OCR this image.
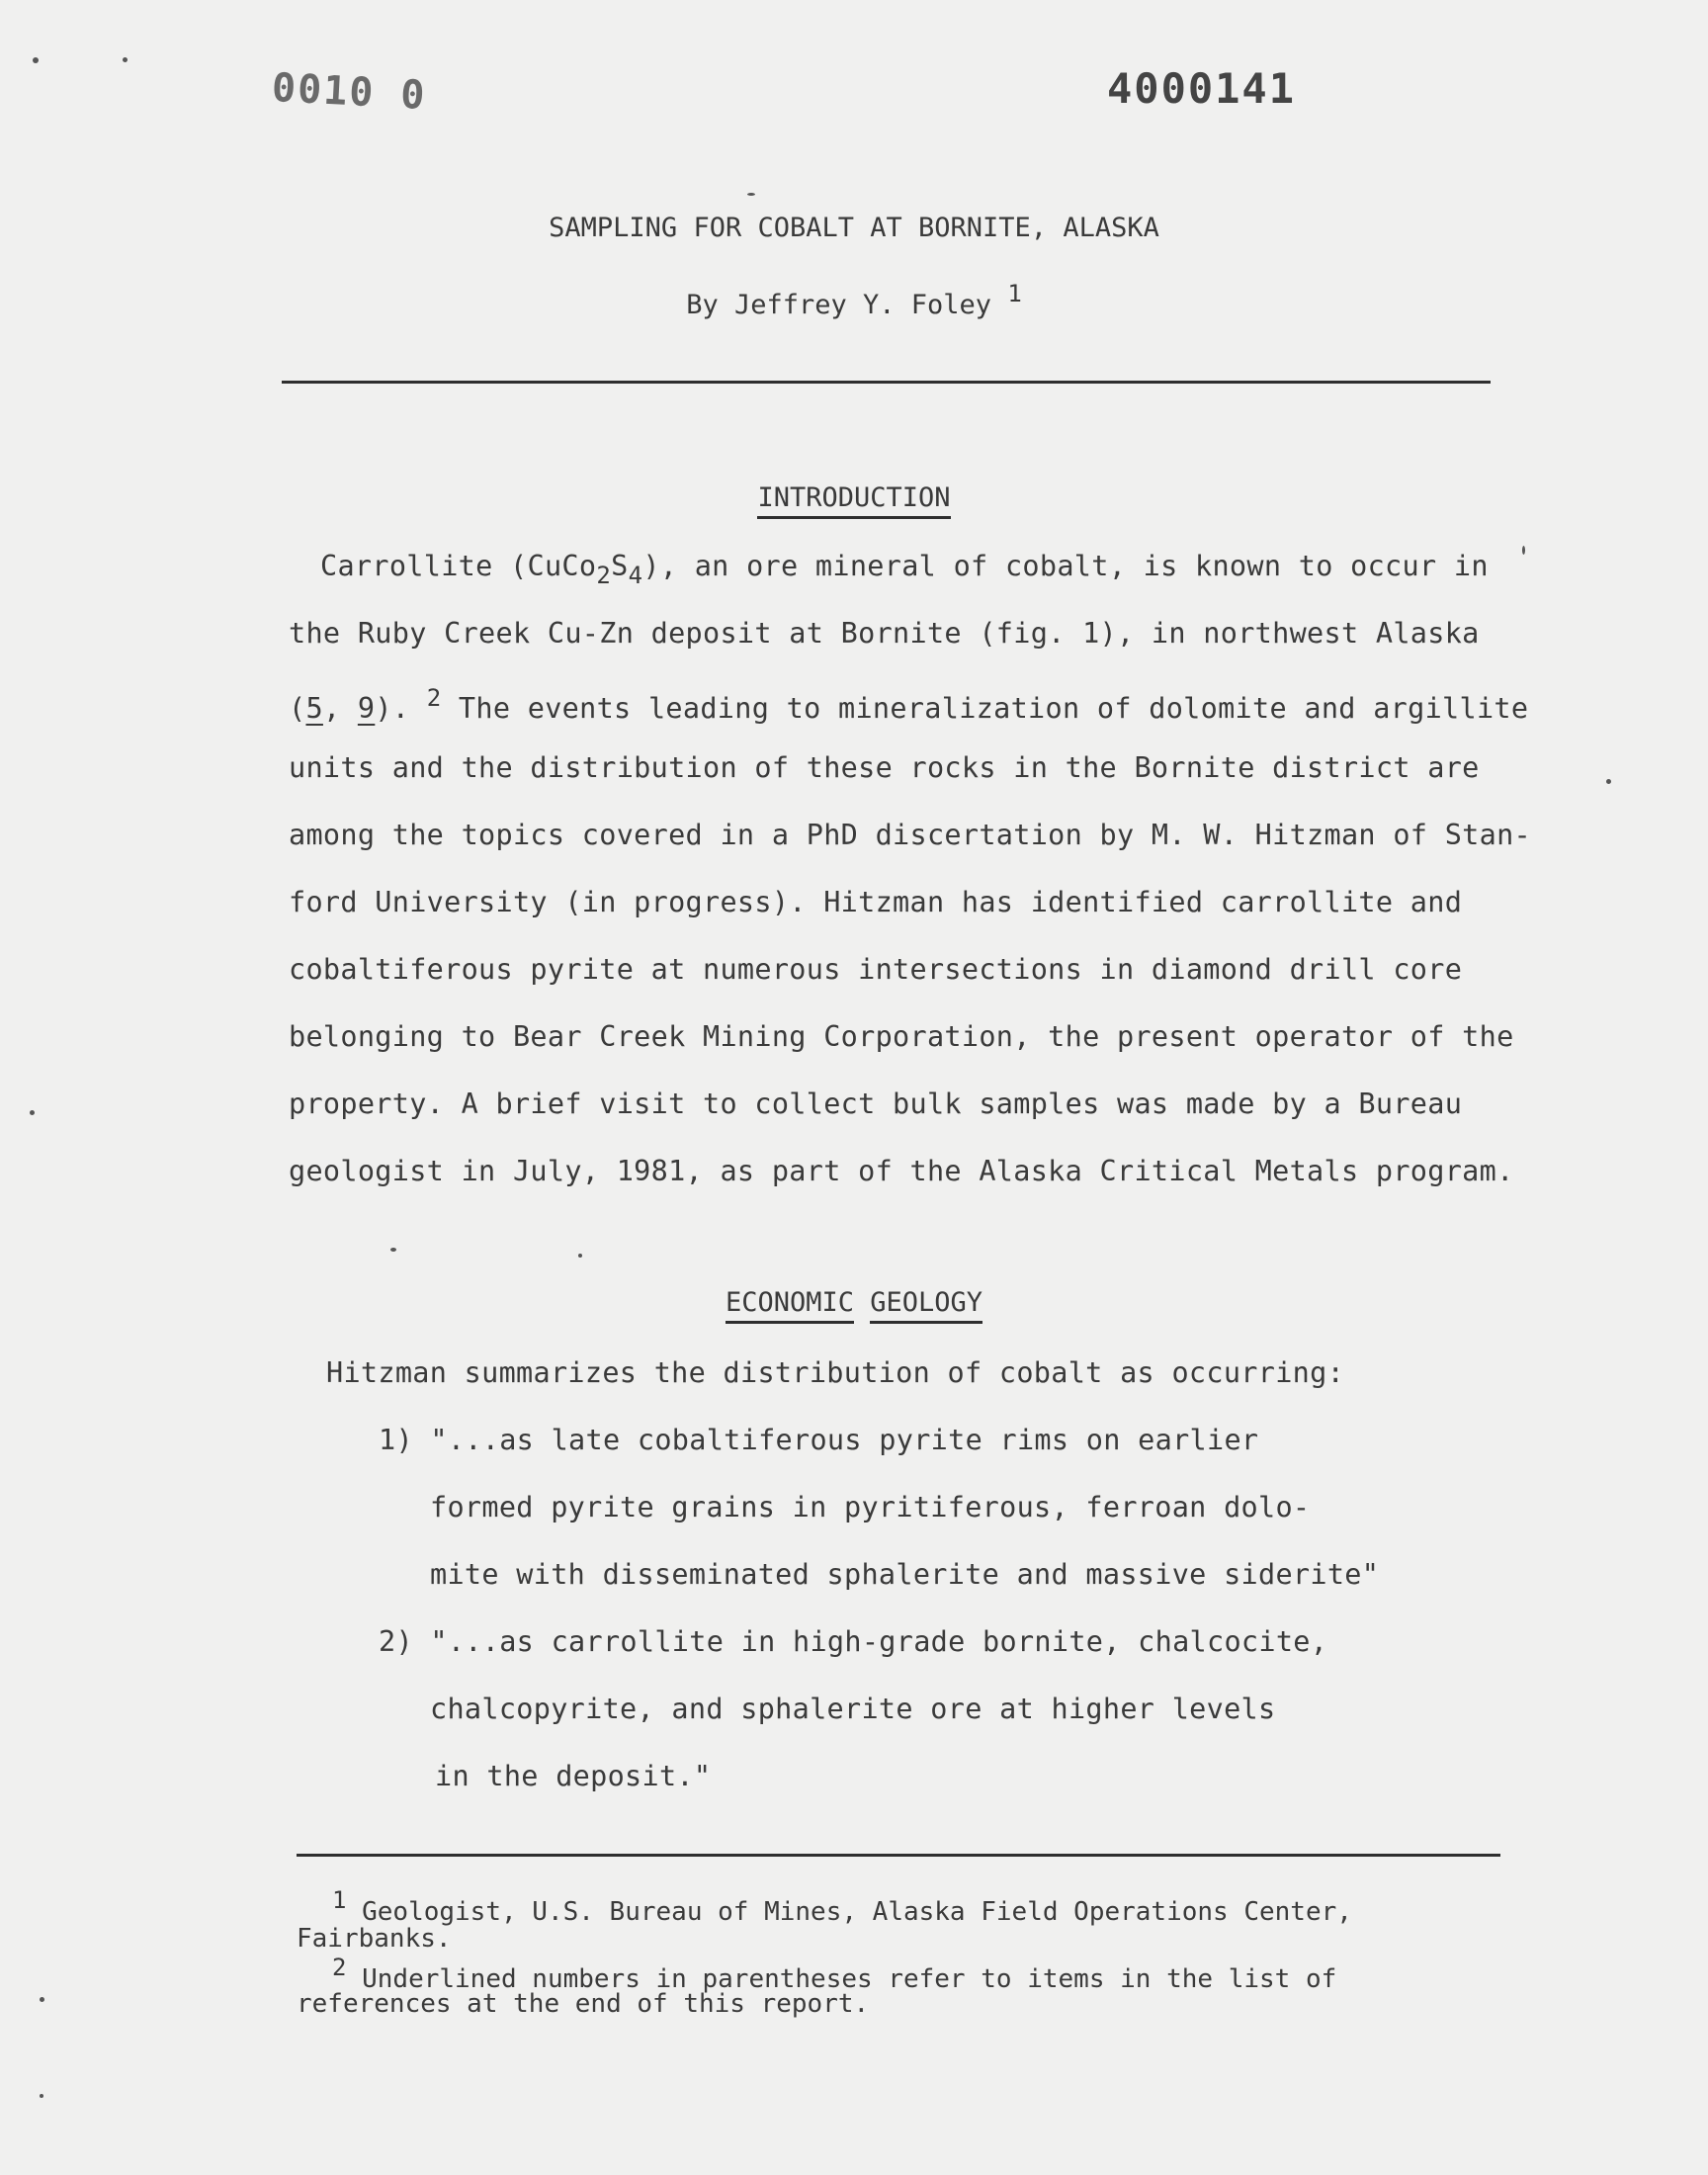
0010 0	4000141
SAMPLING FOR COBALT AT BORNITE, ALASKA
By Jeffrey Y. Foley 1
INTRODUCTION
Carrollite $(CuCo_2S_4)$, an ore mineral of cobalt, is known to occur in
the Ruby Creek Cu-Zn deposit at Bornite (fig. 1), in northwest Alaska
(5, 9). $^2$ The events leading to mineralization of dolomite and argillite
units and the distribution of these rocks in the Bornite district are
among the topics covered in a PhD discertation by M. W. Hitzman of Stan-
ford University (in progress). Hitzman has identified carrollite and
cobaltiferous pyrite at numerous intersections in diamond drill core
belonging to Bear Creek Mining Corporation, the present operator of the
property. A brief visit to collect bulk samples was made by a Bureau
geologist in July, 1981, as part of the Alaska Critical Metals program.
ECONOMIC GEOLOGY
Hitzman summarizes the distribution of cobalt as occurring:
1) "...as late cobaltiferous pyrite rims on earlier
formed pyrite grains in pyritiferous, ferroan dolo-
mite with disseminated sphalerite and massive siderite"
2) "...as carrollite in high-grade bornite, chalcocite,
chalcopyrite, and sphalerite ore at higher levels
in the deposit."
1 Geologist, U.S. Bureau of Mines, Alaska Field Operations Center,
Fairbanks.
2 Underlined numbers in parentheses refer to items in the list of
references at the end of this report.
